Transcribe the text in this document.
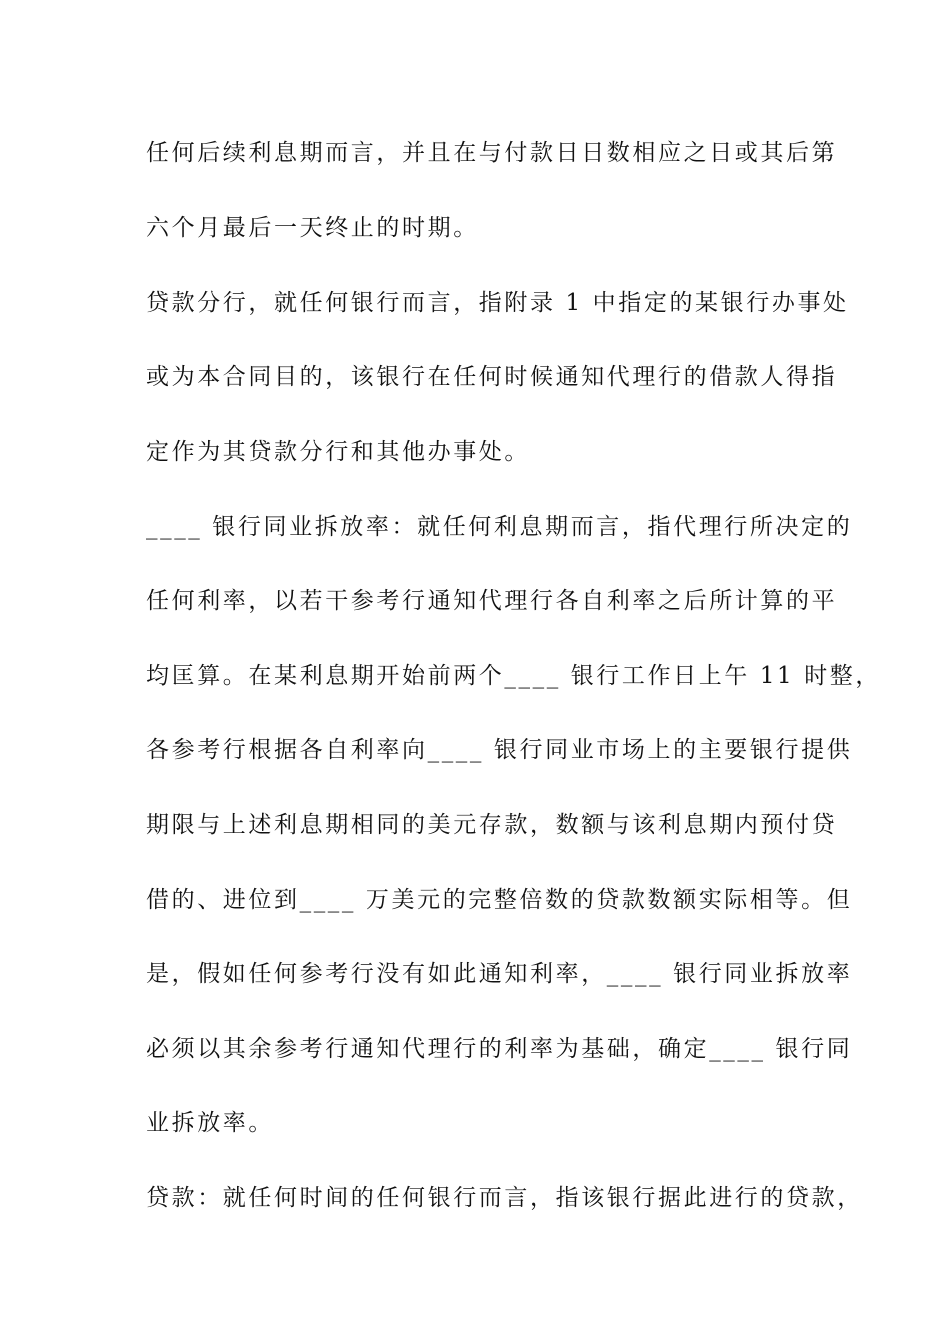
任何后续利息期而言，并且在与付款日日数相应之日或其后第
六个月最后一天终止的时期。
贷款分行，就任何银行而言，指附录 1 中指定的某银行办事处
或为本合同目的，该银行在任何时候通知代理行的借款人得指
定作为其贷款分行和其他办事处。
____ 银行同业拆放率：就任何利息期而言，指代理行所决定的
任何利率，以若干参考行通知代理行各自利率之后所计算的平
均匡算。在某利息期开始前两个____ 银行工作日上午 11 时整，
各参考行根据各自利率向____ 银行同业市场上的主要银行提供
期限与上述利息期相同的美元存款，数额与该利息期内预付贷
借的、进位到____ 万美元的完整倍数的贷款数额实际相等。但
是，假如任何参考行没有如此通知利率，____ 银行同业拆放率
必须以其余参考行通知代理行的利率为基础，确定____ 银行同
业拆放率。
贷款：就任何时间的任何银行而言，指该银行据此进行的贷款，
